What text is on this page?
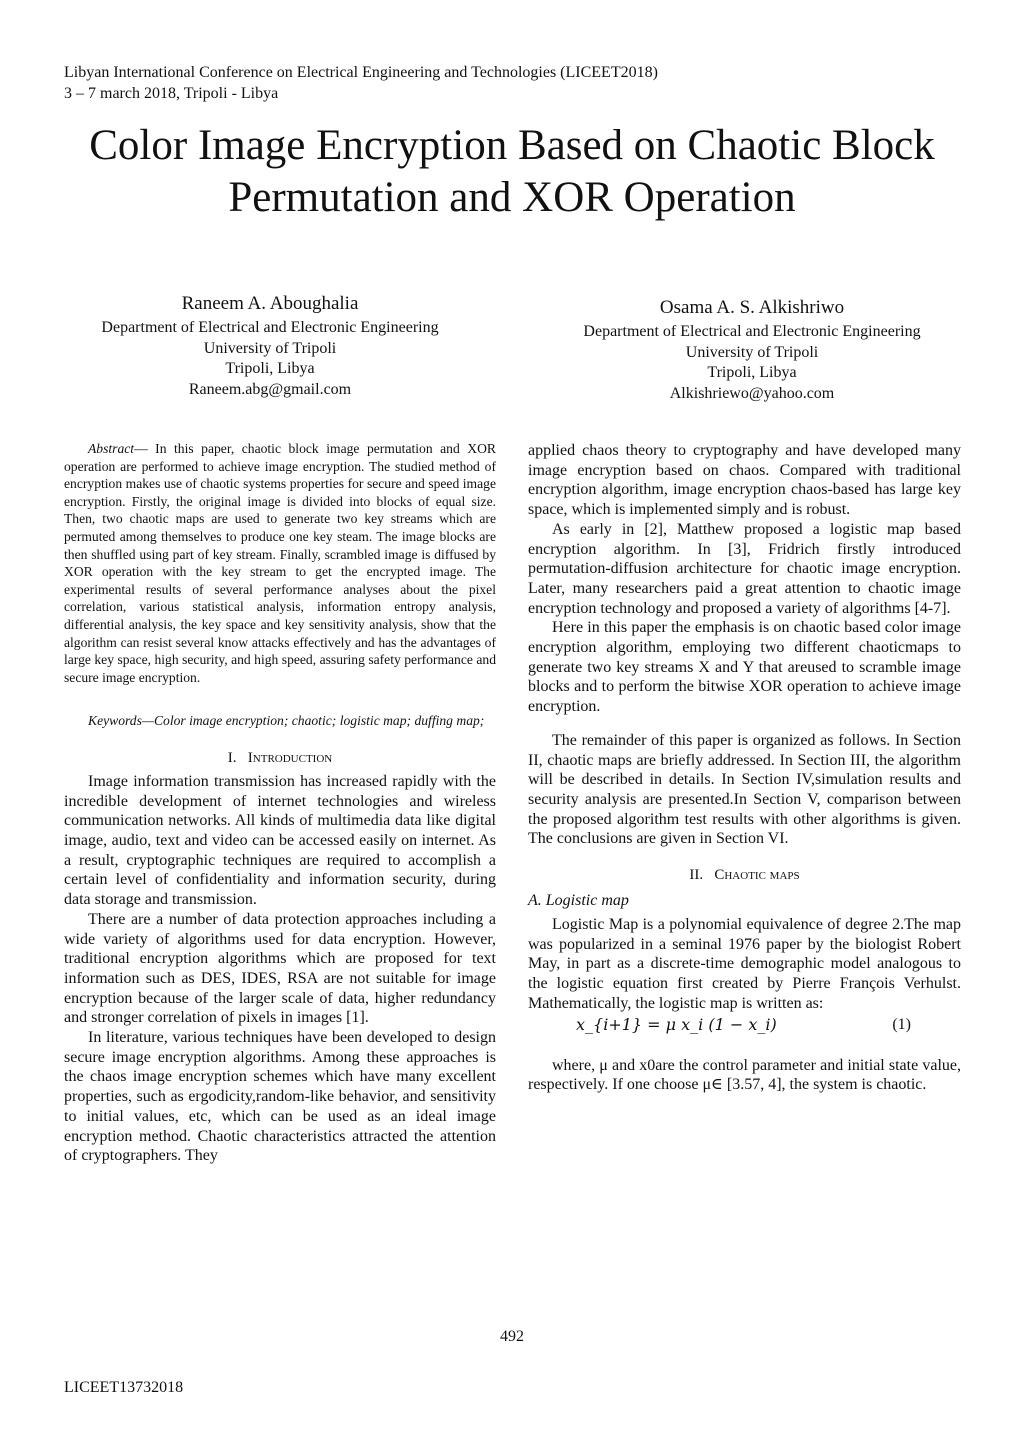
Libyan International Conference on Electrical Engineering and Technologies (LICEET2018)
3 – 7 march 2018, Tripoli - Libya
Color Image Encryption Based on Chaotic Block
Permutation and XOR Operation
Raneem A. Aboughalia
Department of Electrical and Electronic Engineering
University of Tripoli
Tripoli, Libya
Raneem.abg@gmail.com
Osama A. S. Alkishriwo
Department of Electrical and Electronic Engineering
University of Tripoli
Tripoli, Libya
Alkishriewo@yahoo.com

Abstract— In this paper, chaotic block image permutation and XOR operation are performed to achieve image encryption. The studied method of encryption makes use of chaotic systems properties for secure and speed image encryption. Firstly, the original image is divided into blocks of equal size. Then, two chaotic maps are used to generate two key streams which are permuted among themselves to produce one key steam. The image blocks are then shuffled using part of key stream. Finally, scrambled image is diffused by XOR operation with the key stream to get the encrypted image. The experimental results of several performance analyses about the pixel correlation, various statistical analysis, information entropy analysis, differential analysis, the key space and key sensitivity analysis, show that the algorithm can resist several know attacks effectively and has the advantages of large key space, high security, and high speed, assuring safety performance and secure image encryption.

Keywords—Color image encryption; chaotic; logistic map; duffing map;
I. Introduction

Image information transmission has increased rapidly with the incredible development of internet technologies and wireless communication networks. All kinds of multimedia data like digital image, audio, text and video can be accessed easily on internet. As a result, cryptographic techniques are required to accomplish a certain level of confidentiality and information security, during data storage and transmission.

There are a number of data protection approaches including a wide variety of algorithms used for data encryption. However, traditional encryption algorithms which are proposed for text information such as DES, IDES, RSA are not suitable for image encryption because of the larger scale of data, higher redundancy and stronger correlation of pixels in images [1].

In literature, various techniques have been developed to design secure image encryption algorithms. Among these approaches is the chaos image encryption schemes which have many excellent properties, such as ergodicity,random-like behavior, and sensitivity to initial values, etc, which can be used as an ideal image encryption method. Chaotic characteristics attracted the attention of cryptographers. They

applied chaos theory to cryptography and have developed many image encryption based on chaos. Compared with traditional encryption algorithm, image encryption chaos-based has large key space, which is implemented simply and is robust.

As early in [2], Matthew proposed a logistic map based encryption algorithm. In [3], Fridrich firstly introduced permutation-diffusion architecture for chaotic image encryption. Later, many researchers paid a great attention to chaotic image encryption technology and proposed a variety of algorithms [4-7].

Here in this paper the emphasis is on chaotic based color image encryption algorithm, employing two different chaoticmaps to generate two key streams X and Y that areused to scramble image blocks and to perform the bitwise XOR operation to achieve image encryption.

The remainder of this paper is organized as follows. In Section II, chaotic maps are briefly addressed. In Section III, the algorithm will be described in details. In Section IV,simulation results and security analysis are presented.In Section V, comparison between the proposed algorithm test results with other algorithms is given. The conclusions are given in Section VI.

II. Chaotic maps
A. Logistic map

Logistic Map is a polynomial equivalence of degree 2.The map was popularized in a seminal 1976 paper by the biologist Robert May, in part as a discrete-time demographic model analogous to the logistic equation first created by Pierre François Verhulst. Mathematically, the logistic map is written as:

x_{i+1} = μ x_i (1 − x_i)	(1)

where, μ and x0are the control parameter and initial state value, respectively. If one choose μ∈ [3.57, 4], the system is chaotic.

492
LICEET13732018
